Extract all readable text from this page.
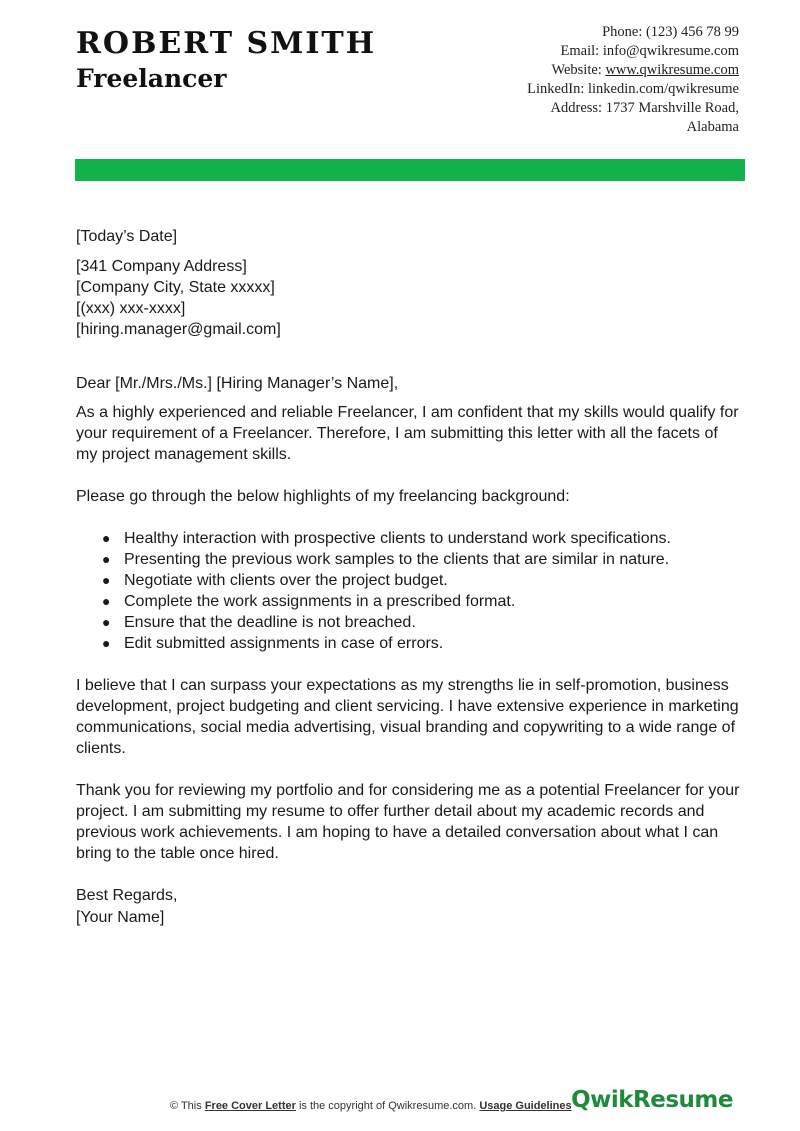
ROBERT SMITH
Freelancer
Phone: (123) 456 78 99
Email: info@qwikresume.com
Website: www.qwikresume.com
LinkedIn: linkedin.com/qwikresume
Address: 1737 Marshville Road,
Alabama
[Today’s Date]
[341 Company Address]
[Company City, State xxxxx]
[(xxx) xxx-xxxx]
[hiring.manager@gmail.com]
Dear [Mr./Mrs./Ms.] [Hiring Manager’s Name],

As a highly experienced and reliable Freelancer, I am confident that my skills would qualify for your requirement of a Freelancer. Therefore, I am submitting this letter with all the facets of my project management skills.

Please go through the below highlights of my freelancing background:

● Healthy interaction with prospective clients to understand work specifications.
● Presenting the previous work samples to the clients that are similar in nature.
● Negotiate with clients over the project budget.
● Complete the work assignments in a prescribed format.
● Ensure that the deadline is not breached.
● Edit submitted assignments in case of errors.

I believe that I can surpass your expectations as my strengths lie in self-promotion, business development, project budgeting and client servicing. I have extensive experience in marketing communications, social media advertising, visual branding and copywriting to a wide range of clients.

Thank you for reviewing my portfolio and for considering me as a potential Freelancer for your project. I am submitting my resume to offer further detail about my academic records and previous work achievements. I am hoping to have a detailed conversation about what I can bring to the table once hired.

Best Regards,
[Your Name]
© This Free Cover Letter is the copyright of Qwikresume.com. Usage Guidelines QwikResume
